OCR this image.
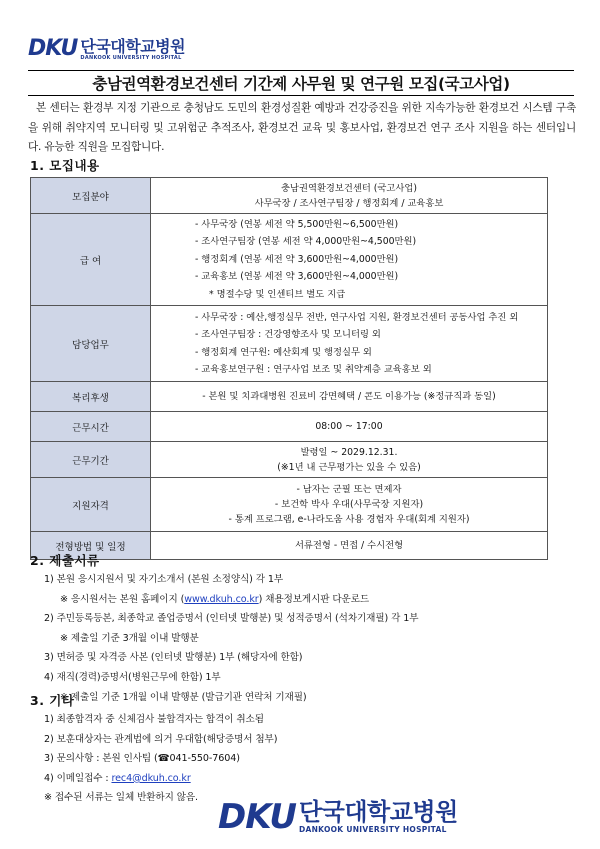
DKU 단국대학교병원
DANKOOK UNIVERSITY HOSPITAL
충남권역환경보건센터 기간제 사무원 및 연구원 모집(국고사업)

본 센터는 환경부 지정 기관으로 충청남도 도민의 환경성질환 예방과 건강증진을 위한 지속가능한 환경보건 시스템 구축을 위해 취약지역 모니터링 및 고위험군 추적조사, 환경보건 교육 및 홍보사업, 환경보건 연구 조사 지원을 하는 센터입니다. 유능한 직원을 모집합니다.

1. 모집내용
모집분야	충남권역환경보건센터 (국고사업)
사무국장 / 조사연구팀장 / 행정회계 / 교육홍보

급 여	- 사무국장 (연봉 세전 약 5,500만원~6,500만원)
- 조사연구팀장 (연봉 세전 약 4,000만원~4,500만원)
- 행정회계 (연봉 세전 약 3,600만원~4,000만원)
- 교육홍보 (연봉 세전 약 3,600만원~4,000만원)
* 명절수당 및 인센티브 별도 지급

담당업무	- 사무국장 : 예산,행정실무 전반, 연구사업 지원, 환경보건센터 공동사업 추진 외
- 조사연구팀장 : 건강영향조사 및 모니터링 외
- 행정회계 연구원: 예산회계 및 행정실무 외
- 교육홍보연구원 : 연구사업 보조 및 취약계층 교육홍보 외

복리후생	- 본원 및 치과대병원 진료비 감면혜택 / 콘도 이용가능 (※정규직과 동일)
근무시간	08:00 ~ 17:00
근무기간	발령일 ~ 2029.12.31.
(※1년 내 근무평가는 있을 수 있음)

지원자격	- 남자는 군필 또는 면제자
- 보건학 박사 우대(사무국장 지원자)
- 통계 프로그램, e-나라도움 사용 경험자 우대(회계 지원자)

전형방법 및 일정	서류전형 - 면접 / 수시전형
2. 제출서류
1) 본원 응시지원서 및 자기소개서 (본원 소정양식) 각 1부
※ 응시원서는 본원 홈페이지 (www.dkuh.co.kr) 채용정보게시판 다운로드
2) 주민등록등본, 최종학교 졸업증명서 (인터넷 발행분) 및 성적증명서 (석차기재필) 각 1부
※ 제출일 기준 3개월 이내 발행분
3) 면허증 및 자격증 사본 (인터넷 발행분) 1부 (해당자에 한함)
4) 재직(경력)증명서(병원근무에 한함) 1부
※ 제출일 기준 1개월 이내 발행분 (발급기관 연락처 기재필)
3. 기타
1) 최종합격자 중 신체검사 불합격자는 합격이 취소됨
2) 보훈대상자는 관계법에 의거 우대함(해당증명서 첨부)
3) 문의사항 : 본원 인사팀 (☎041-550-7604)
4) 이메일접수 : rec4@dkuh.co.kr
※ 접수된 서류는 일체 반환하지 않음. DKU 단국대학교병원
DANKOOK UNIVERSITY HOSPITAL
